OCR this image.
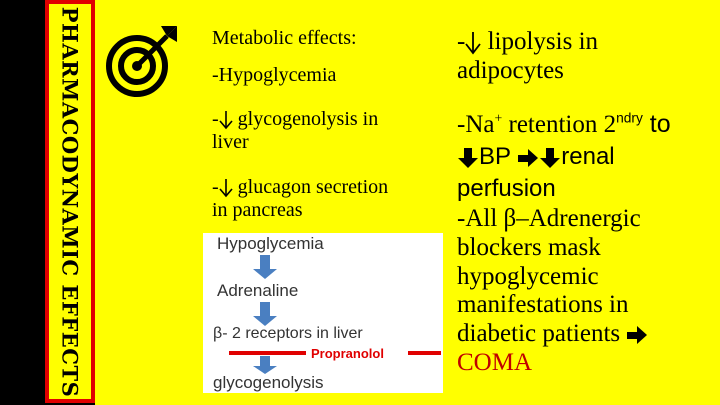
PHARMACODYNAMIC EFFECTS	Metabolic effects:
-Hypoglycemia
- glycogenolysis in
liver
- glucagon secretion
in pancreas
Hypoglycemia
Adrenaline
β- 2 receptors in liver
Propranolol
glycogenolysis
- lipolysis in
adipocytes
-Na+ retention $2^{ndry}$ to
BP renal
perfusion
-All β–Adrenergic
blockers mask
hypoglycemic
manifestations in
diabetic patients
COMA
